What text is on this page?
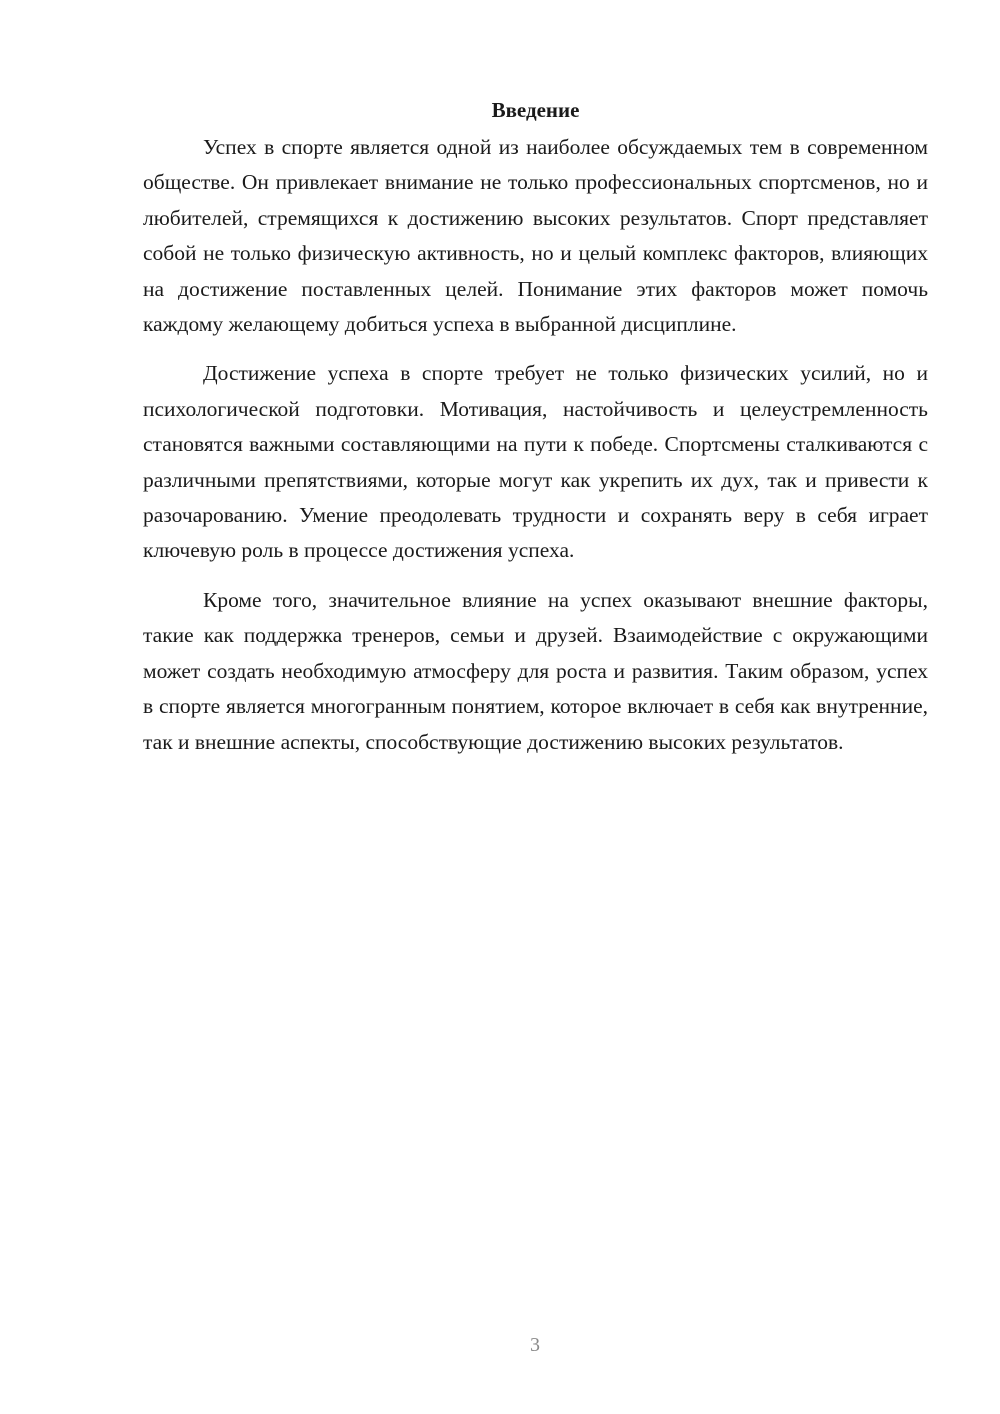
Введение

Успех в спорте является одной из наиболее обсуждаемых тем в современном обществе. Он привлекает внимание не только профессиональных спортсменов, но и любителей, стремящихся к достижению высоких результатов. Спорт представляет собой не только физическую активность, но и целый комплекс факторов, влияющих на достижение поставленных целей. Понимание этих факторов может помочь каждому желающему добиться успеха в выбранной дисциплине.

Достижение успеха в спорте требует не только физических усилий, но и психологической подготовки. Мотивация, настойчивость и целеустремленность становятся важными составляющими на пути к победе. Спортсмены сталкиваются с различными препятствиями, которые могут как укрепить их дух, так и привести к разочарованию. Умение преодолевать трудности и сохранять веру в себя играет ключевую роль в процессе достижения успеха.

Кроме того, значительное влияние на успех оказывают внешние факторы, такие как поддержка тренеров, семьи и друзей. Взаимодействие с окружающими может создать необходимую атмосферу для роста и развития. Таким образом, успех в спорте является многогранным понятием, которое включает в себя как внутренние, так и внешние аспекты, способствующие достижению высоких результатов.

3
